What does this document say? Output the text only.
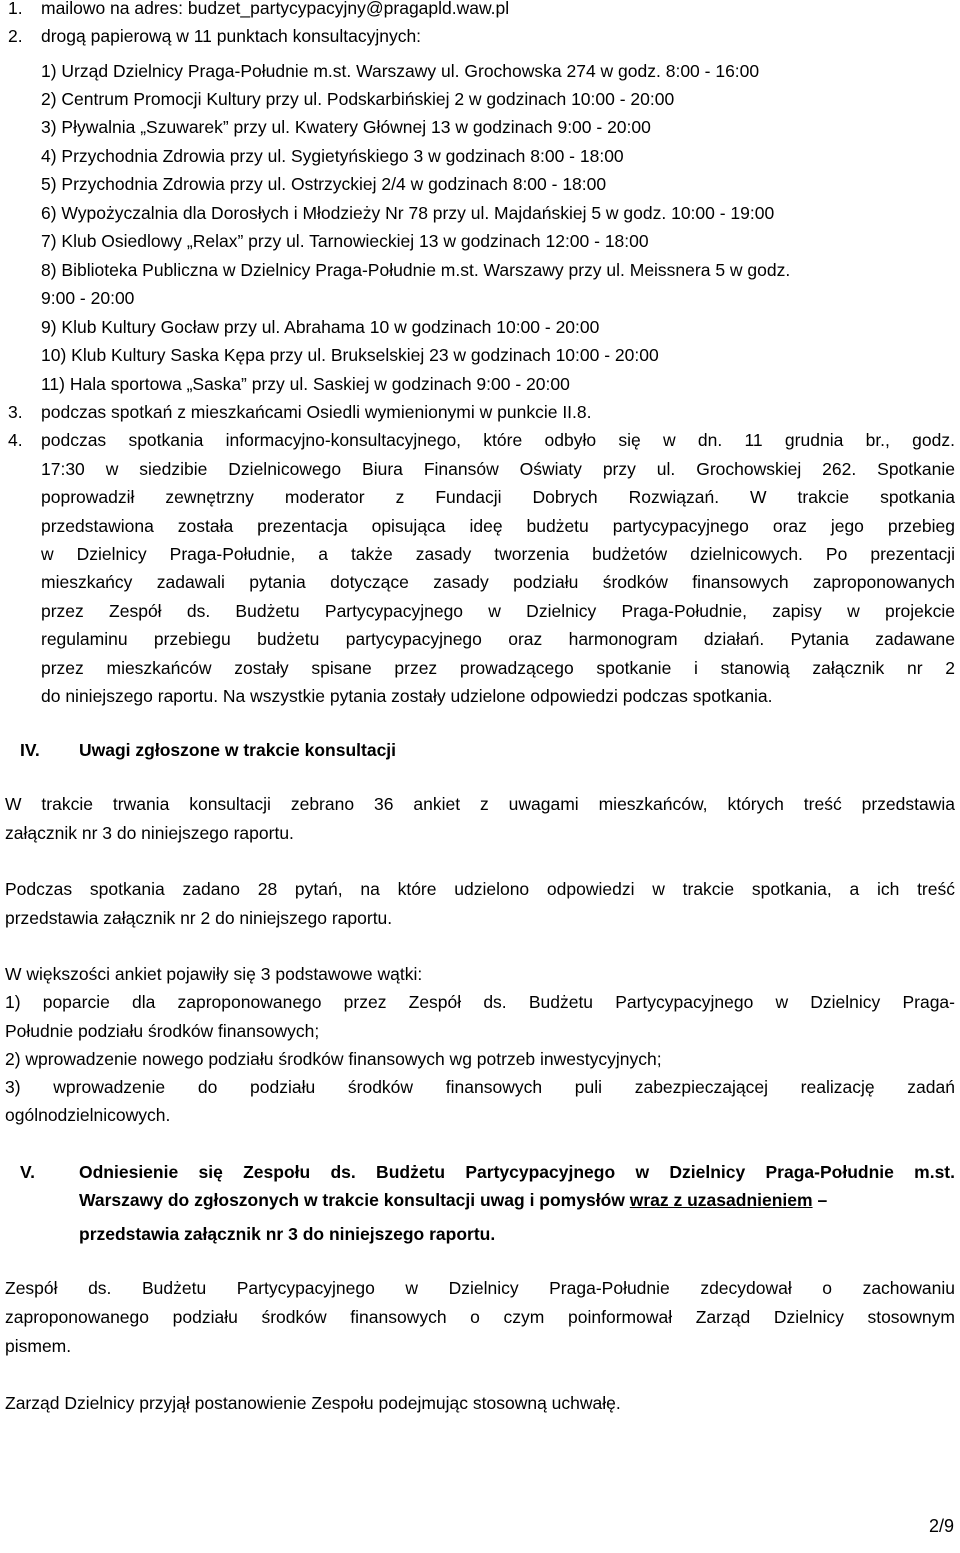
1. mailowo na adres: budzet_partycypacyjny@pragapld.waw.pl
2. drogą papierową w 11 punktach konsultacyjnych:
1) Urząd Dzielnicy Praga-Południe m.st. Warszawy ul. Grochowska 274 w godz. 8:00 - 16:00
2) Centrum Promocji Kultury przy ul. Podskarbińskiej 2 w godzinach 10:00 - 20:00
3) Pływalnia „Szuwarek” przy ul. Kwatery Głównej 13 w godzinach 9:00 - 20:00
4) Przychodnia Zdrowia przy ul. Sygietyńskiego 3 w godzinach 8:00 - 18:00
5) Przychodnia Zdrowia przy ul. Ostrzyckiej 2/4 w godzinach 8:00 - 18:00
6) Wypożyczalnia dla Dorosłych i Młodzieży Nr 78 przy ul. Majdańskiej 5 w godz. 10:00 - 19:00
7) Klub Osiedlowy „Relax” przy ul. Tarnowieckiej 13 w godzinach 12:00 - 18:00
8) Biblioteka Publiczna w Dzielnicy Praga-Południe m.st. Warszawy przy ul. Meissnera 5 w godz.
9:00 - 20:00
9) Klub Kultury Gocław przy ul. Abrahama 10 w godzinach 10:00 - 20:00
10) Klub Kultury Saska Kępa przy ul. Brukselskiej 23 w godzinach 10:00 - 20:00
11) Hala sportowa „Saska” przy ul. Saskiej w godzinach 9:00 - 20:00
3. podczas spotkań z mieszkańcami Osiedli wymienionymi w punkcie II.8.
4. podczas spotkania informacyjno-konsultacyjnego, które odbyło się w dn. 11 grudnia br., godz.
17:30 w siedzibie Dzielnicowego Biura Finansów Oświaty przy ul. Grochowskiej 262. Spotkanie
poprowadził zewnętrzny moderator z Fundacji Dobrych Rozwiązań. W trakcie spotkania
przedstawiona została prezentacja opisująca ideę budżetu partycypacyjnego oraz jego przebieg
w Dzielnicy Praga-Południe, a także zasady tworzenia budżetów dzielnicowych. Po prezentacji
mieszkańcy zadawali pytania dotyczące zasady podziału środków finansowych zaproponowanych
przez Zespół ds. Budżetu Partycypacyjnego w Dzielnicy Praga-Południe, zapisy w projekcie
regulaminu przebiegu budżetu partycypacyjnego oraz harmonogram działań. Pytania zadawane
przez mieszkańców zostały spisane przez prowadzącego spotkanie i stanowią załącznik nr 2
do niniejszego raportu. Na wszystkie pytania zostały udzielone odpowiedzi podczas spotkania.
IV. Uwagi zgłoszone w trakcie konsultacji
W trakcie trwania konsultacji zebrano 36 ankiet z uwagami mieszkańców, których treść przedstawia
załącznik nr 3 do niniejszego raportu.
Podczas spotkania zadano 28 pytań, na które udzielono odpowiedzi w trakcie spotkania, a ich treść
przedstawia załącznik nr 2 do niniejszego raportu.
W większości ankiet pojawiły się 3 podstawowe wątki:
1) poparcie dla zaproponowanego przez Zespół ds. Budżetu Partycypacyjnego w Dzielnicy Praga-
Południe podziału środków finansowych;
2) wprowadzenie nowego podziału środków finansowych wg potrzeb inwestycyjnych;
3) wprowadzenie do podziału środków finansowych puli zabezpieczającej realizację zadań
ogólnodzielnicowych.
V.	Odniesienie się Zespołu ds. Budżetu Partycypacyjnego w Dzielnicy Praga-Południe m.st.
Warszawy do zgłoszonych w trakcie konsultacji uwag i pomysłów wraz z uzasadnieniem –
przedstawia załącznik nr 3 do niniejszego raportu.
Zespół ds. Budżetu Partycypacyjnego w Dzielnicy Praga-Południe zdecydował o zachowaniu
zaproponowanego podziału środków finansowych o czym poinformował Zarząd Dzielnicy stosownym
pismem.
Zarząd Dzielnicy przyjął postanowienie Zespołu podejmując stosowną uchwałę.
2/9
